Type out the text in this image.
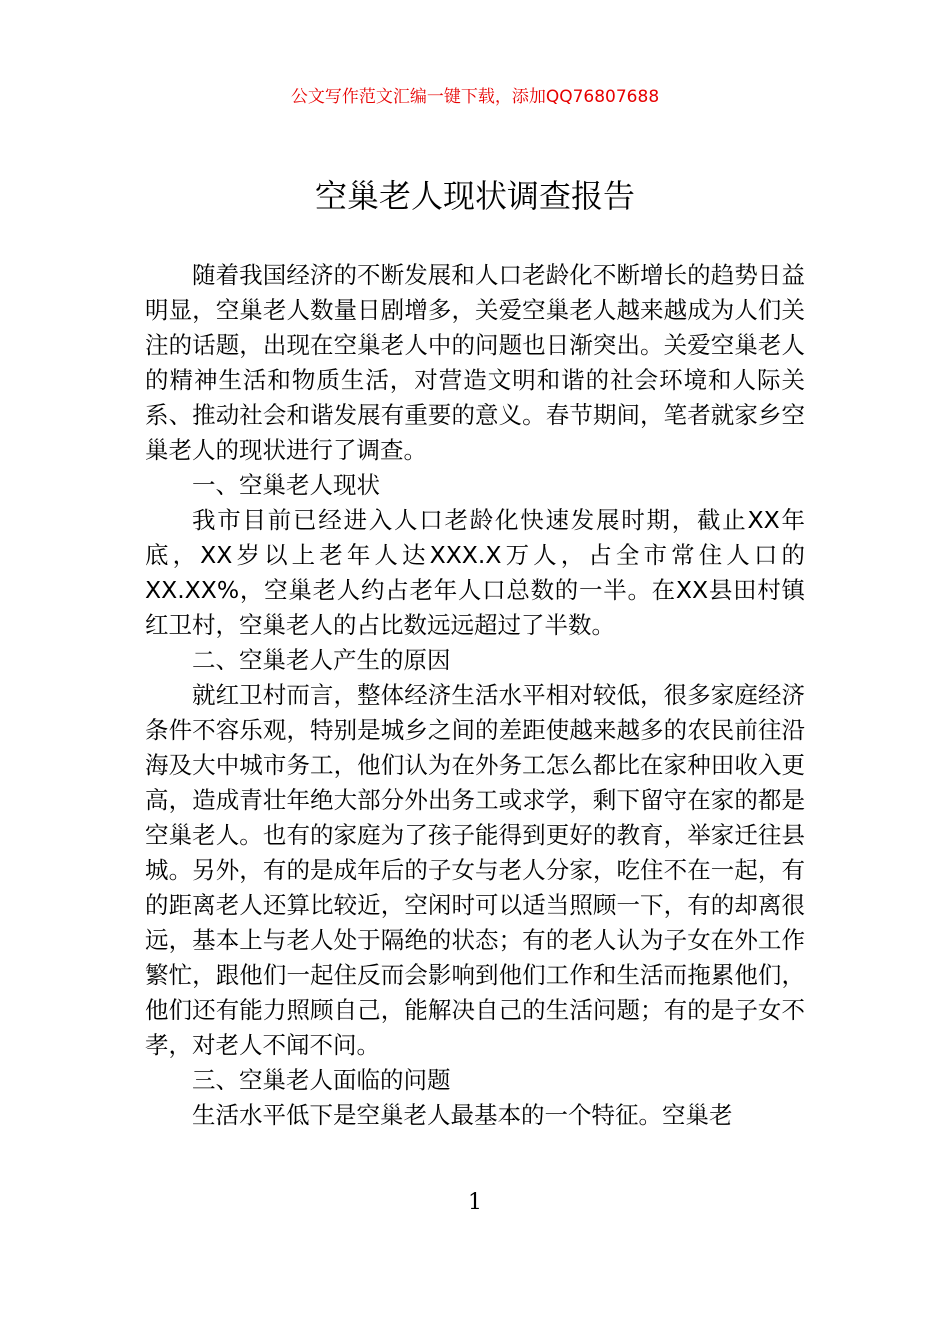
公文写作范文汇编一键下载，添加QQ76807688
空巢老人现状调查报告

随着我国经济的不断发展和人口老龄化不断增长的趋势日益明显，空巢老人数量日剧增多，关爱空巢老人越来越成为人们关注的话题，出现在空巢老人中的问题也日渐突出。关爱空巢老人的精神生活和物质生活，对营造文明和谐的社会环境和人际关系、推动社会和谐发展有重要的意义。春节期间，笔者就家乡空巢老人的现状进行了调查。

一、空巢老人现状

我市目前已经进入人口老龄化快速发展时期，截止XX年底，XX岁以上老年人达XXX.X万人，占全市常住人口的XX.XX%，空巢老人约占老年人口总数的一半。在XX县田村镇红卫村，空巢老人的占比数远远超过了半数。

二、空巢老人产生的原因

就红卫村而言，整体经济生活水平相对较低，很多家庭经济条件不容乐观，特别是城乡之间的差距使越来越多的农民前往沿海及大中城市务工，他们认为在外务工怎么都比在家种田收入更高，造成青壮年绝大部分外出务工或求学，剩下留守在家的都是空巢老人。也有的家庭为了孩子能得到更好的教育，举家迁往县城。另外，有的是成年后的子女与老人分家，吃住不在一起，有的距离老人还算比较近，空闲时可以适当照顾一下，有的却离很远，基本上与老人处于隔绝的状态；有的老人认为子女在外工作繁忙，跟他们一起住反而会影响到他们工作和生活而拖累他们，他们还有能力照顾自己，能解决自己的生活问题；有的是子女不孝，对老人不闻不问。

三、空巢老人面临的问题

生活水平低下是空巢老人最基本的一个特征。空巢老

1
